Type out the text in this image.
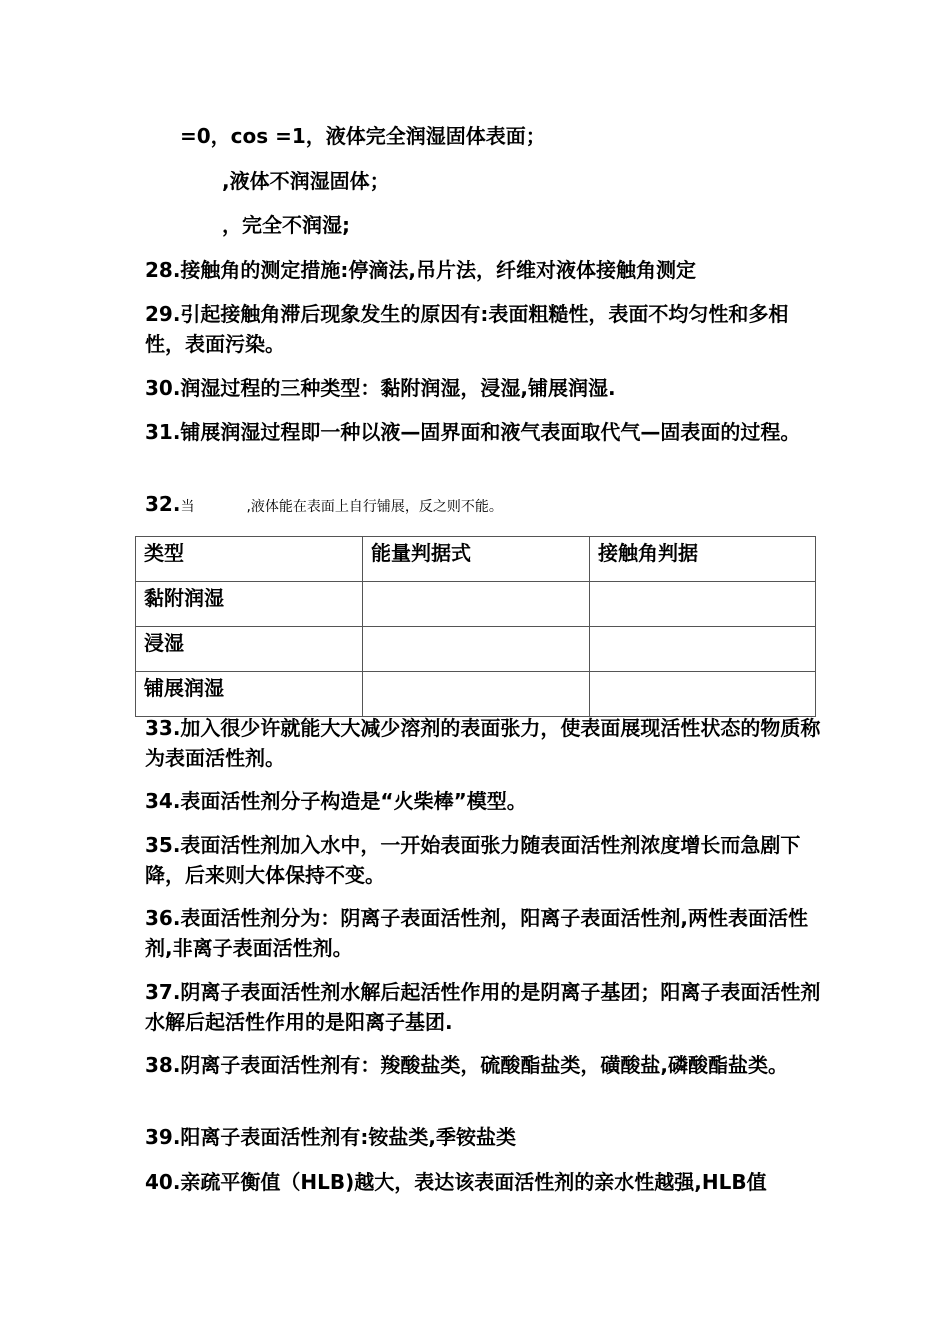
=0，cos =1，液体完全润湿固体表面；
,液体不润湿固体；
，完全不润湿;
28.接触角的测定措施:停滴法,吊片法，纤维对液体接触角测定
29.引起接触角滞后现象发生的原因有:表面粗糙性，表面不均匀性和多相性，表面污染。
30.润湿过程的三种类型：黏附润湿，浸湿,铺展润湿.
31.铺展润湿过程即一种以液—固界面和液气表面取代气—固表面的过程。
32.当	,液体能在表面上自行铺展，反之则不能。
类型	能量判据式	接触角判据
黏附润湿		
浸湿		
铺展润湿		
33.加入很少许就能大大减少溶剂的表面张力，使表面展现活性状态的物质称为表面活性剂。
34.表面活性剂分子构造是“火柴棒”模型。
35.表面活性剂加入水中，一开始表面张力随表面活性剂浓度增长而急剧下降，后来则大体保持不变。
36.表面活性剂分为：阴离子表面活性剂，阳离子表面活性剂,两性表面活性剂,非离子表面活性剂。
37.阴离子表面活性剂水解后起活性作用的是阴离子基团；阳离子表面活性剂水解后起活性作用的是阳离子基团.
38.阴离子表面活性剂有：羧酸盐类，硫酸酯盐类，磺酸盐,磷酸酯盐类。
39.阳离子表面活性剂有:铵盐类,季铵盐类
40.亲疏平衡值（HLB)越大，表达该表面活性剂的亲水性越强,HLB值
